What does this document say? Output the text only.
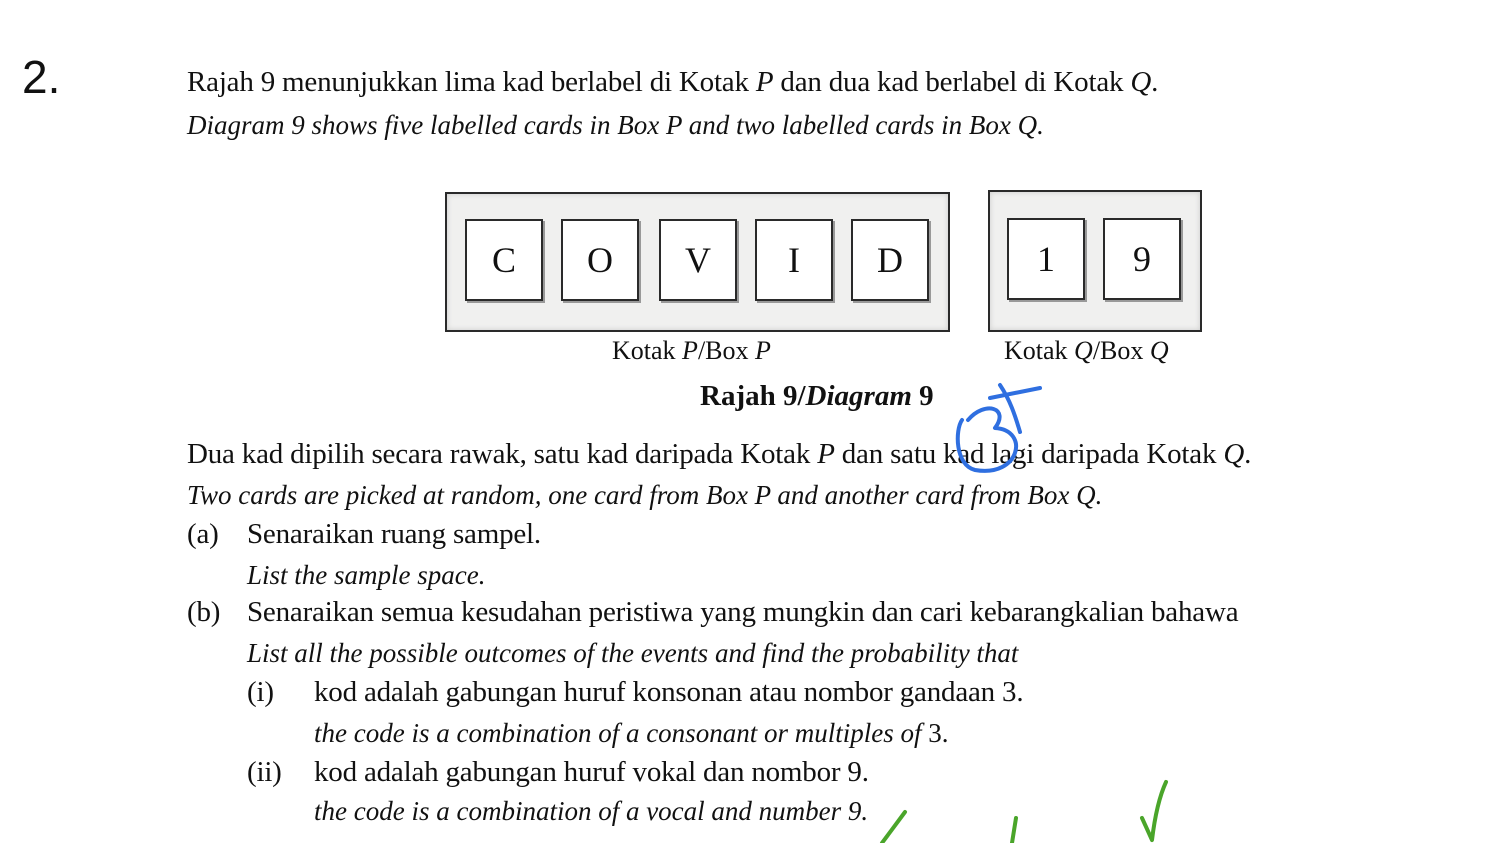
2.	Rajah 9 menunjukkan lima kad berlabel di Kotak P dan dua kad berlabel di Kotak Q.
Diagram 9 shows five labelled cards in Box P and two labelled cards in Box Q.
C	O	V	I	D	1	9
Kotak P/Box P	Kotak Q/Box Q
Rajah 9/Diagram 9
Dua kad dipilih secara rawak, satu kad daripada Kotak P dan satu kad lagi daripada Kotak Q.
Two cards are picked at random, one card from Box P and another card from Box Q.
(a) Senaraikan ruang sampel.
List the sample space.
(b) Senaraikan semua kesudahan peristiwa yang mungkin dan cari kebarangkalian bahawa
List all the possible outcomes of the events and find the probability that
(i) kod adalah gabungan huruf konsonan atau nombor gandaan 3.
the code is a combination of a consonant or multiples of 3.
(ii) kod adalah gabungan huruf vokal dan nombor 9.
the code is a combination of a vocal and number 9.
